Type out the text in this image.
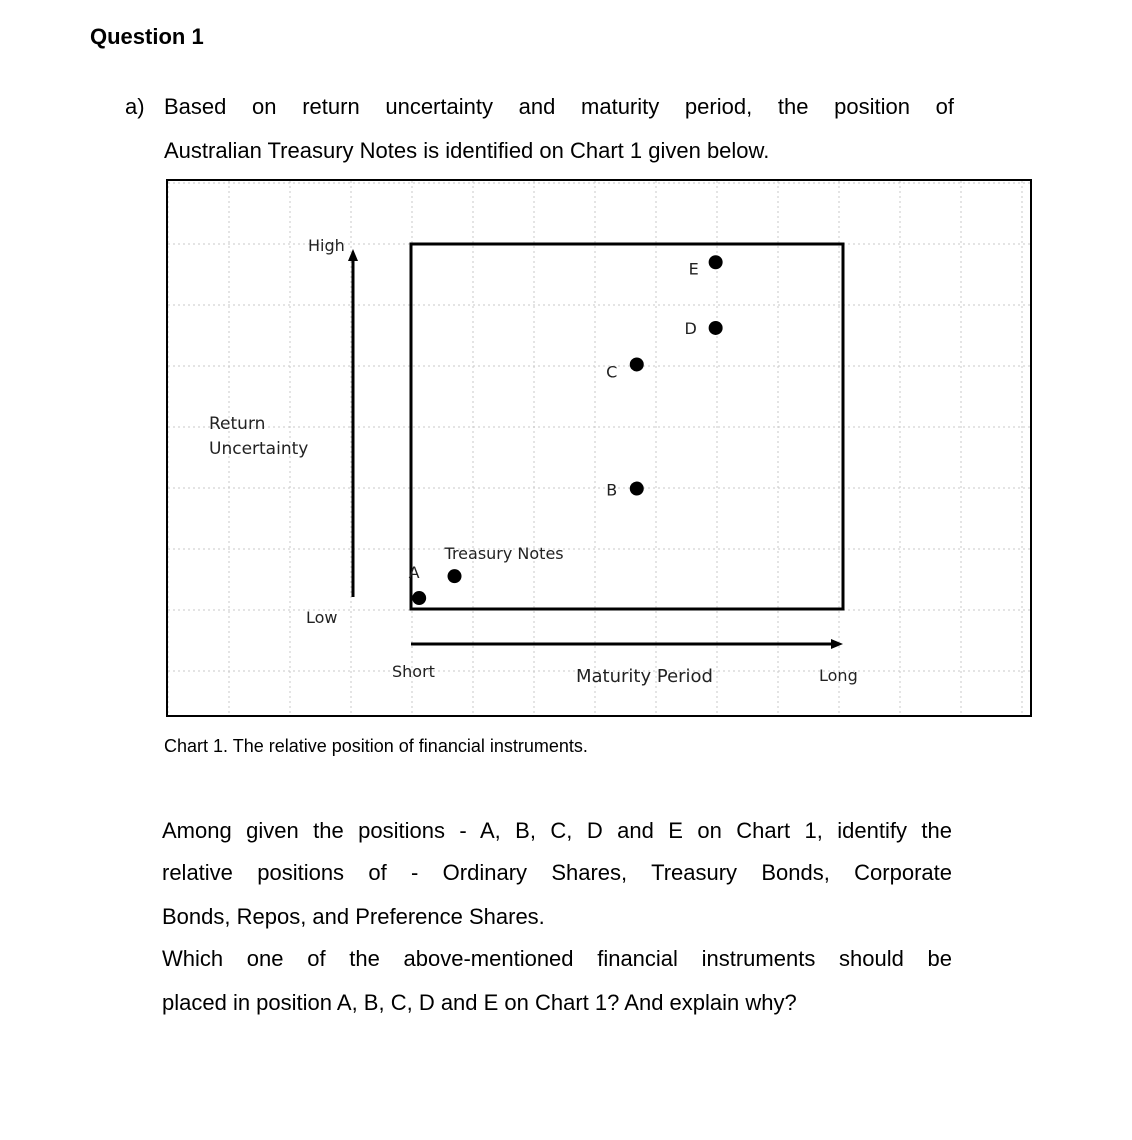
Question 1
a) Based on return uncertainty and maturity period, the position of
Australian Treasury Notes is identified on Chart 1 given below.
High
Low
Return
Uncertainty
Short	Maturity Period	Long
A
Treasury Notes
B
C
D
E
Chart 1. The relative position of financial instruments.
Among given the positions - A, B, C, D and E on Chart 1, identify the
relative positions of - Ordinary Shares, Treasury Bonds, Corporate
Bonds, Repos, and Preference Shares.
Which one of the above-mentioned financial instruments should be
placed in position A, B, C, D and E on Chart 1? And explain why?
